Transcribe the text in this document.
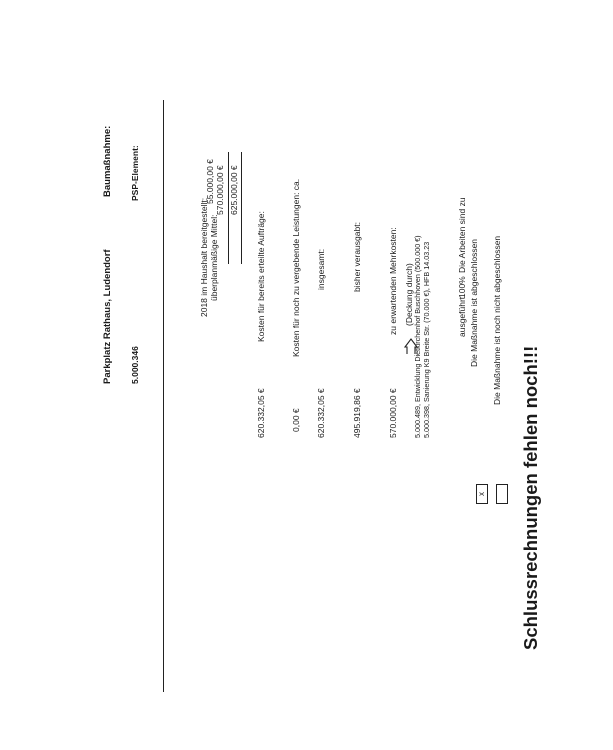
Baumaßnahme:
Parkplatz Rathaus, Ludendorf
PSP-Element:
5.000.346
2018 im Haushalt bereitgestellt: überplanmäßige Mittel:
55.000,00 € 570.000,00 € 625.000,00 €
Kosten für bereits erteilte Aufträge:
620.332,05 €
Kosten für noch zu vergebende Leistungen: ca.
0,00 €
insgesamt:
620.332,05 €
bisher verausgabt:
495.919,86 €
zu erwartenden Mehrkosten:
570.000,00 €
(Deckung durch) 5.000.489, Entwicklung Dietkirchenhof Buschhoven (500.000 €) 5.000.398, Sanierung K9 Breite Str. (70.000 €), HFB 14.03.23
Die Arbeiten sind zu
100%
ausgeführt Die Maßnahme ist abgeschlossen
x
Die Maßnahme ist noch nicht abgeschlossen
Schlussrechnungen fehlen noch!!!
